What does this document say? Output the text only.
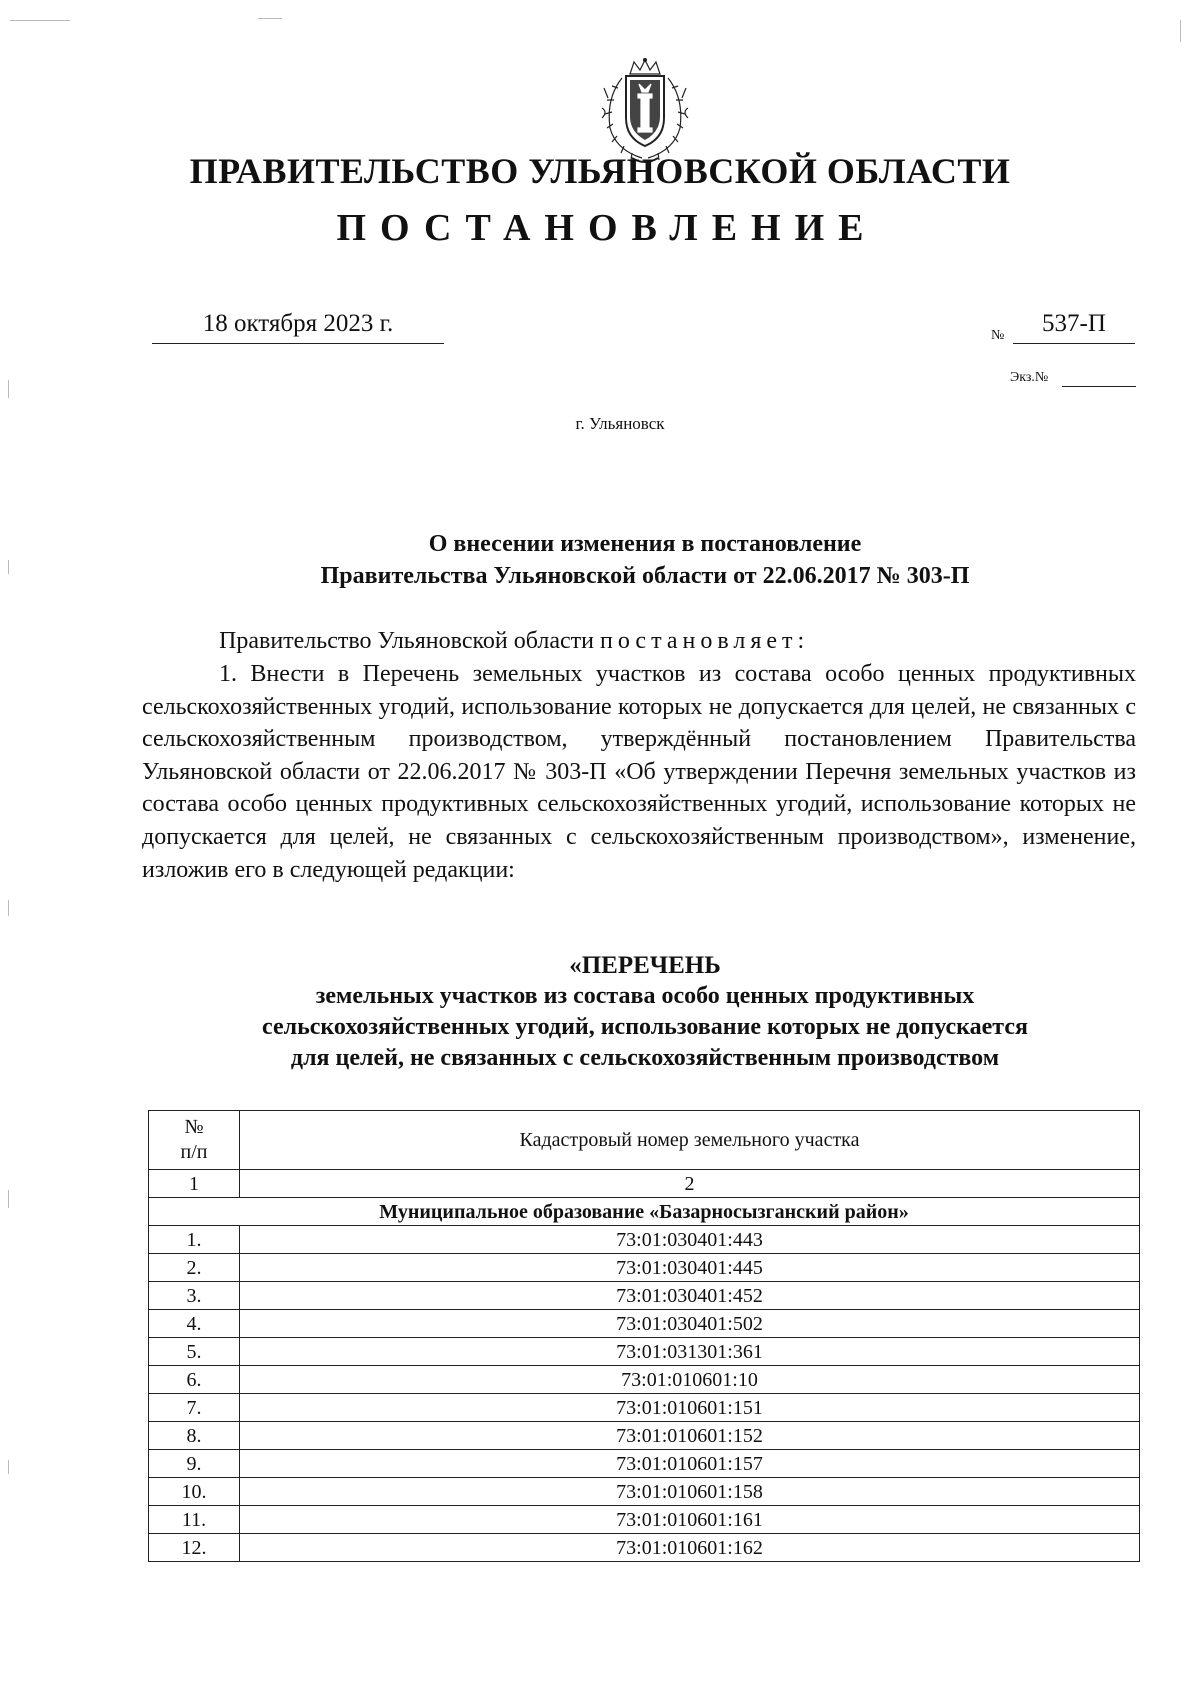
ПРАВИТЕЛЬСТВО УЛЬЯНОВСКОЙ ОБЛАСТИ
ПОСТАНОВЛЕНИЕ
18 октября 2023 г.	№	537-П
Экз.№
г. Ульяновск
О внесении изменения в постановление
Правительства Ульяновской области от 22.06.2017 № 303-П
Правительство Ульяновской области постановляет:
1. Внести в Перечень земельных участков из состава особо ценных продуктивных сельскохозяйственных угодий, использование которых не допускается для целей, не связанных с сельскохозяйственным производством, утверждённый постановлением Правительства Ульяновской области от 22.06.2017 № 303-П «Об утверждении Перечня земельных участков из состава особо ценных продуктивных сельскохозяйственных угодий, использование которых не допускается для целей, не связанных с сельскохозяйственным производством», изменение, изложив его в следующей редакции:
«ПЕРЕЧЕНЬ
земельных участков из состава особо ценных продуктивных
сельскохозяйственных угодий, использование которых не допускается
для целей, не связанных с сельскохозяйственным производством
№
п/п	Кадастровый номер земельного участка
1	2
Муниципальное образование «Базарносызганский район»	
1.	73:01:030401:443
2.	73:01:030401:445
3.	73:01:030401:452
4.	73:01:030401:502
5.	73:01:031301:361
6.	73:01:010601:10
7.	73:01:010601:151
8.	73:01:010601:152
9.	73:01:010601:157
10.	73:01:010601:158
11.	73:01:010601:161
12.	73:01:010601:162
